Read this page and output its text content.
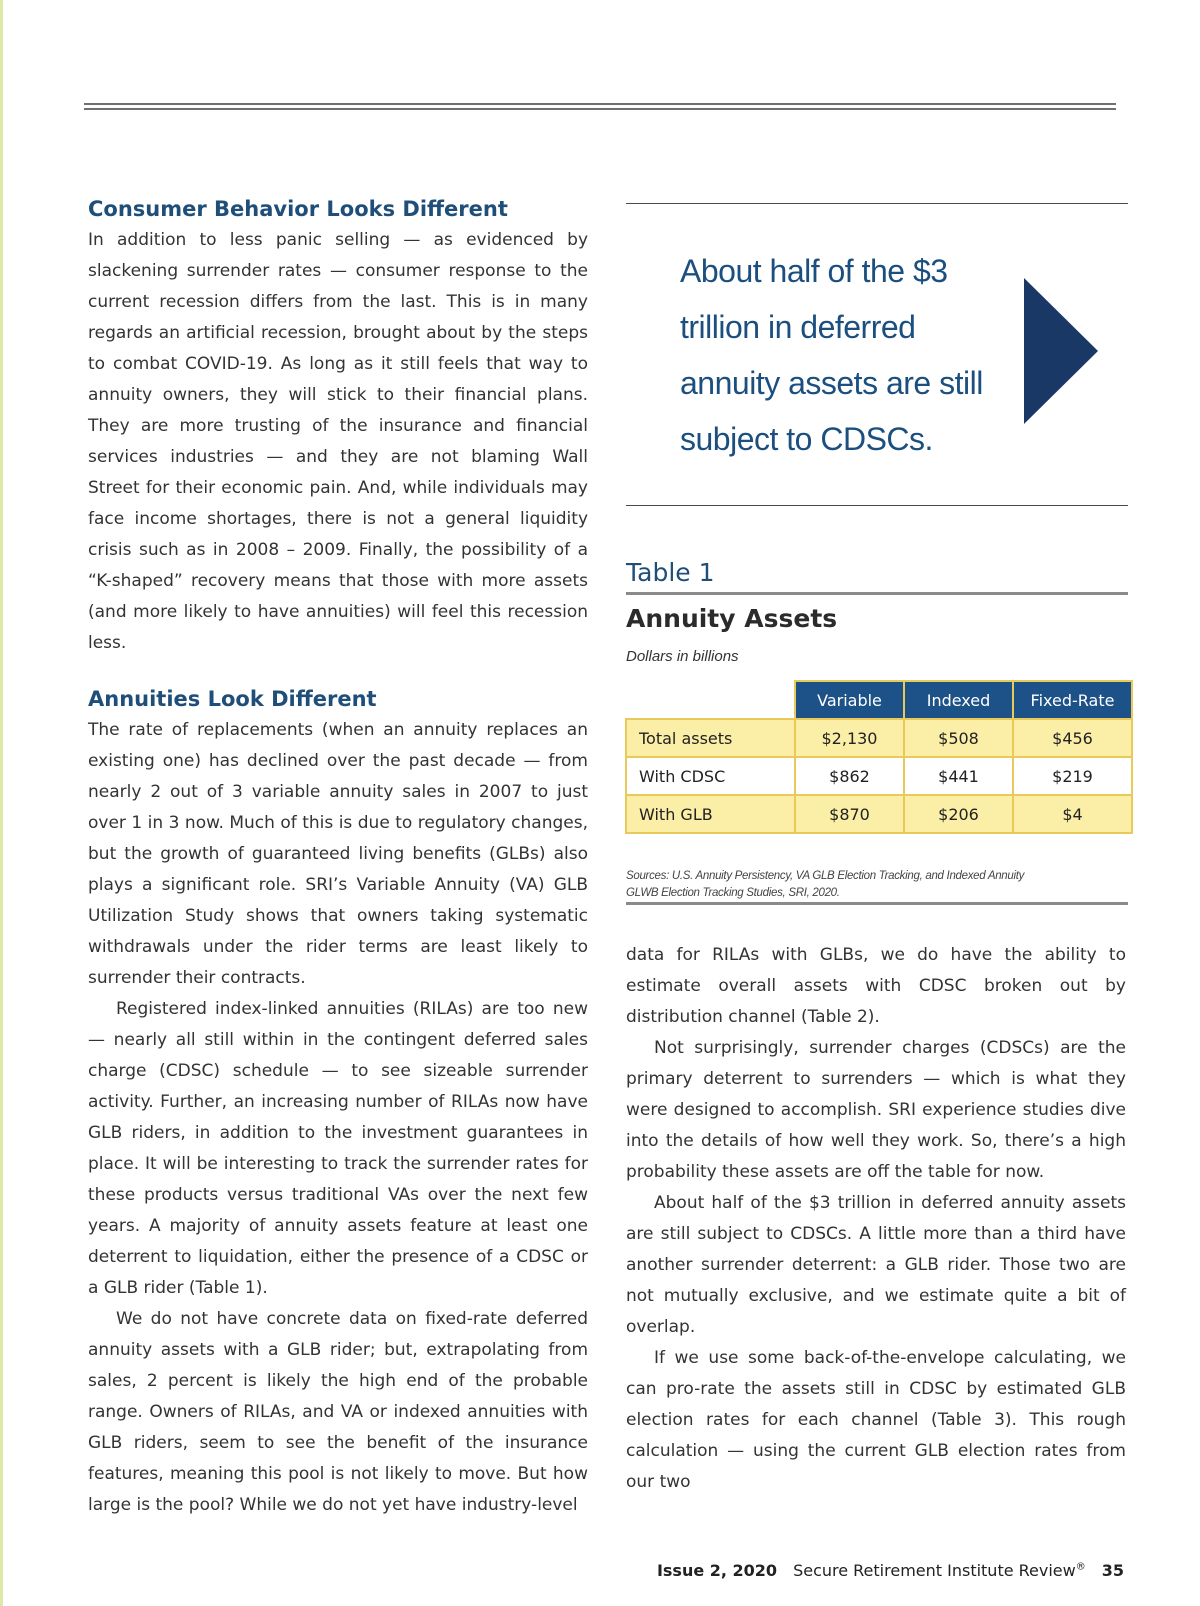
Consumer Behavior Looks Different

In addition to less panic selling — as evidenced by slackening surrender rates — consumer response to the current recession differs from the last. This is in many regards an artificial recession, brought about by the steps to combat COVID-19. As long as it still feels that way to annuity owners, they will stick to their financial plans. They are more trusting of the insurance and financial services industries — and they are not blaming Wall Street for their economic pain. And, while individuals may face income shortages, there is not a general liquidity crisis such as in 2008 – 2009. Finally, the possibility of a “K-shaped” recovery means that those with more assets (and more likely to have annuities) will feel this recession less.

Annuities Look Different

The rate of replacements (when an annuity replaces an existing one) has declined over the past decade — from nearly 2 out of 3 variable annuity sales in 2007 to just over 1 in 3 now. Much of this is due to regulatory changes, but the growth of guaranteed living benefits (GLBs) also plays a significant role. SRI’s Variable Annuity (VA) GLB Utilization Study shows that owners taking systematic withdrawals under the rider terms are least likely to surrender their contracts.

Registered index-linked annuities (RILAs) are too new — nearly all still within in the contingent deferred sales charge (CDSC) schedule — to see sizeable surrender activity. Further, an increasing number of RILAs now have GLB riders, in addition to the investment guarantees in place. It will be interesting to track the surrender rates for these products versus traditional VAs over the next few years. A majority of annuity assets feature at least one deterrent to liquidation, either the presence of a CDSC or a GLB rider (Table 1).

We do not have concrete data on fixed-rate deferred annuity assets with a GLB rider; but, extrapolating from sales, 2 percent is likely the high end of the probable range. Owners of RILAs, and VA or indexed annuities with GLB riders, seem to see the benefit of the insurance features, meaning this pool is not likely to move. But how large is the pool? While we do not yet have industry-level

About half of the $3 trillion in deferred annuity assets are still subject to CDSCs.
Table 1
Annuity Assets
Dollars in billions
	Variable	Indexed	Fixed-Rate
Total assets	$2,130	$508	$456
With CDSC	$862	$441	$219
With GLB	$870	$206	$4
Sources: U.S. Annuity Persistency, VA GLB Election Tracking, and Indexed Annuity
GLWB Election Tracking Studies, SRI, 2020.

data for RILAs with GLBs, we do have the ability to estimate overall assets with CDSC broken out by distribution channel (Table 2).

Not surprisingly, surrender charges (CDSCs) are the primary deterrent to surrenders — which is what they were designed to accomplish. SRI experience studies dive into the details of how well they work. So, there’s a high probability these assets are off the table for now.

About half of the $3 trillion in deferred annuity assets are still subject to CDSCs. A little more than a third have another surrender deterrent: a GLB rider. Those two are not mutually exclusive, and we estimate quite a bit of overlap.

If we use some back-of-the-envelope calculating, we can pro-rate the assets still in CDSC by estimated GLB election rates for each channel (Table 3). This rough calculation — using the current GLB election rates from our two

Issue 2, 2020 Secure Retirement Institute Review® 35
